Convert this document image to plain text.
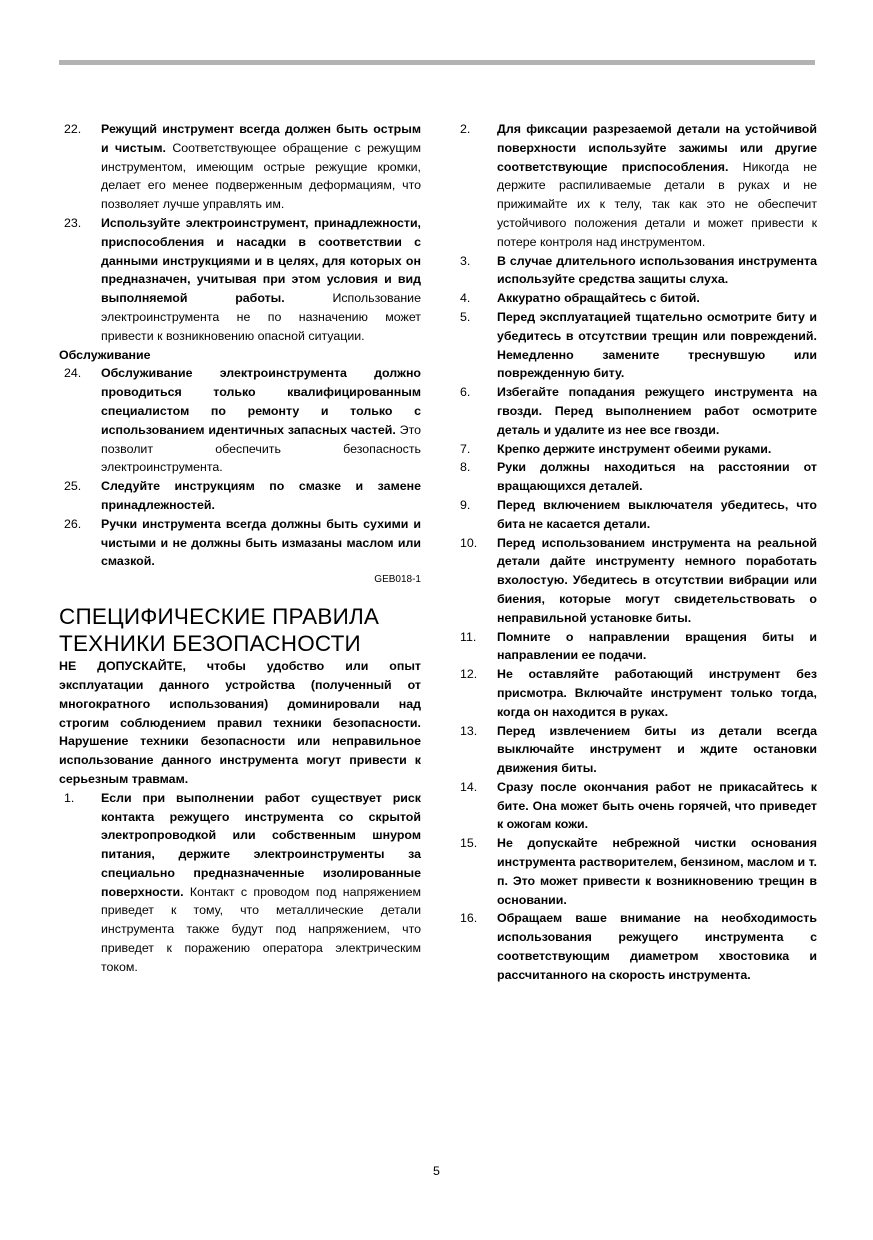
22.	Режущий инструмент всегда должен быть острым и чистым. Соответствующее обращение с режущим инструментом, имеющим острые режущие кромки, делает его менее подверженным деформациям, что позволяет лучше управлять им.
23.	Используйте электроинструмент, принадлежности, приспособления и насадки в соответствии с данными инструкциями и в целях, для которых он предназначен, учитывая при этом условия и вид выполняемой работы. Использование электроинструмента не по назначению может привести к возникновению опасной ситуации.
Обслуживание
24.	Обслуживание электроинструмента должно проводиться только квалифицированным специалистом по ремонту и только с использованием идентичных запасных частей. Это позволит обеспечить безопасность электроинструмента.
25.	Следуйте инструкциям по смазке и замене принадлежностей.
26.	Ручки инструмента всегда должны быть сухими и чистыми и не должны быть измазаны маслом или смазкой.
GEB018-1
СПЕЦИФИЧЕСКИЕ ПРАВИЛА
ТЕХНИКИ БЕЗОПАСНОСТИ
НЕ ДОПУСКАЙТЕ, чтобы удобство или опыт эксплуатации данного устройства (полученный от многократного использования) доминировали над строгим соблюдением правил техники безопасности. Нарушение техники безопасности или неправильное использование данного инструмента могут привести к серьезным травмам.
1.	Если при выполнении работ существует риск контакта режущего инструмента со скрытой электропроводкой или собственным шнуром питания, держите электроинструменты за специально предназначенные изолированные поверхности. Контакт с проводом под напряжением приведет к тому, что металлические детали инструмента также будут под напряжением, что приведет к поражению оператора электрическим током.
2.	Для фиксации разрезаемой детали на устойчивой поверхности используйте зажимы или другие соответствующие приспособления. Никогда не держите распиливаемые детали в руках и не прижимайте их к телу, так как это не обеспечит устойчивого положения детали и может привести к потере контроля над инструментом.
3.	В случае длительного использования инструмента используйте средства защиты слуха.
4.	Аккуратно обращайтесь с битой.
5.	Перед эксплуатацией тщательно осмотрите биту и убедитесь в отсутствии трещин или повреждений. Немедленно замените треснувшую или поврежденную биту.
6.	Избегайте попадания режущего инструмента на гвозди. Перед выполнением работ осмотрите деталь и удалите из нее все гвозди.
7.	Крепко держите инструмент обеими руками.
8.	Руки должны находиться на расстоянии от вращающихся деталей.
9.	Перед включением выключателя убедитесь, что бита не касается детали.
10.	Перед использованием инструмента на реальной детали дайте инструменту немного поработать вхолостую. Убедитесь в отсутствии вибрации или биения, которые могут свидетельствовать о неправильной установке биты.
11.	Помните о направлении вращения биты и направлении ее подачи.
12.	Не оставляйте работающий инструмент без присмотра. Включайте инструмент только тогда, когда он находится в руках.
13.	Перед извлечением биты из детали всегда выключайте инструмент и ждите остановки движения биты.
14.	Сразу после окончания работ не прикасайтесь к бите. Она может быть очень горячей, что приведет к ожогам кожи.
15.	Не допускайте небрежной чистки основания инструмента растворителем, бензином, маслом и т. п. Это может привести к возникновению трещин в основании.
16.	Обращаем ваше внимание на необходимость использования режущего инструмента с соответствующим диаметром хвостовика и рассчитанного на скорость инструмента.
5
